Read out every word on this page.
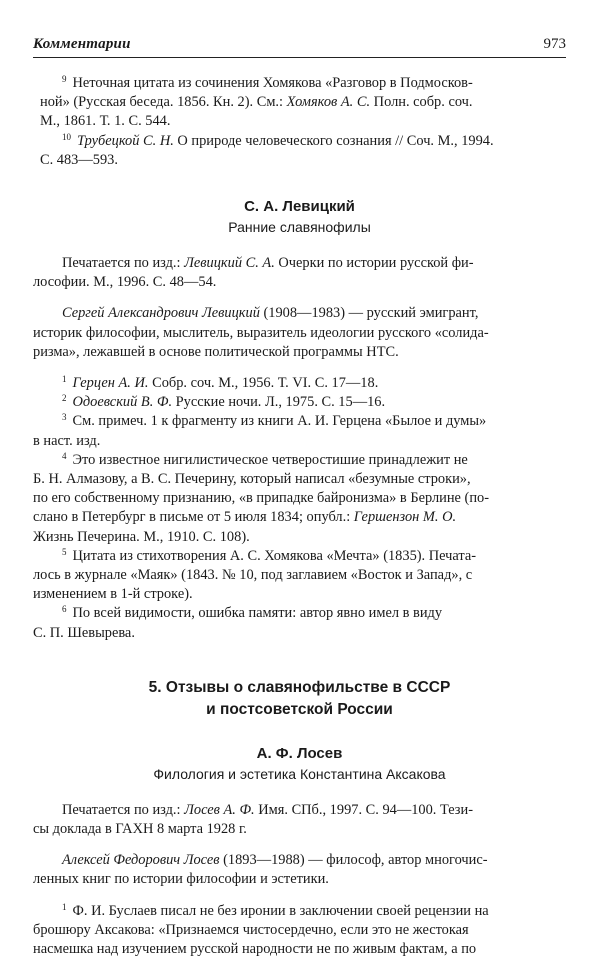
Комментарии	973

$^9$ Неточная цитата из сочинения Хомякова «Разговор в Подмосков-
ной» (Русская беседа. 1856. Кн. 2). См.: Хомяков А. С. Полн. собр. соч.
М., 1861. Т. 1. С. 544.

$^{10}$ Трубецкой С. Н. О природе человеческого сознания // Соч. М., 1994.
С. 483—593.

С. А. Левицкий

Ранние славянофилы

Печатается по изд.: Левицкий С. А. Очерки по истории русской фи-
лософии. М., 1996. С. 48—54.

Сергей Александрович Левицкий (1908—1983) — русский эмигрант,
историк философии, мыслитель, выразитель идеологии русского «солида-
ризма», лежавшей в основе политической программы НТС.

$^1$ Герцен А. И. Собр. соч. М., 1956. Т. VI. С. 17—18.

$^2$ Одоевский В. Ф. Русские ночи. Л., 1975. С. 15—16.

$^3$ См. примеч. 1 к фрагменту из книги А. И. Герцена «Былое и думы»
в наст. изд.

$^4$ Это известное нигилистическое четверостишие принадлежит не
Б. Н. Алмазову, а В. С. Печерину, который написал «безумные строки»,
по его собственному признанию, «в припадке байронизма» в Берлине (по-
слано в Петербург в письме от 5 июля 1834; опубл.: Гершензон М. О.
Жизнь Печерина. М., 1910. С. 108).

$^5$ Цитата из стихотворения А. С. Хомякова «Мечта» (1835). Печата-
лось в журнале «Маяк» (1843. № 10, под заглавием «Восток и Запад», с
изменением в 1-й строке).

$^6$ По всей видимости, ошибка памяти: автор явно имел в виду
С. П. Шевырева.

5. Отзывы о славянофильстве в СССР
и постсоветской России

А. Ф. Лосев

Филология и эстетика Константина Аксакова

Печатается по изд.: Лосев А. Ф. Имя. СПб., 1997. С. 94—100. Тези-
сы доклада в ГАХН 8 марта 1928 г.

Алексей Федорович Лосев (1893—1988) — философ, автор многочис-
ленных книг по истории философии и эстетики.

$^1$ Ф. И. Буслаев писал не без иронии в заключении своей рецензии на
брошюру Аксакова: «Признаемся чистосердечно, если это не жестокая
насмешка над изучением русской народности не по живым фактам, а по
